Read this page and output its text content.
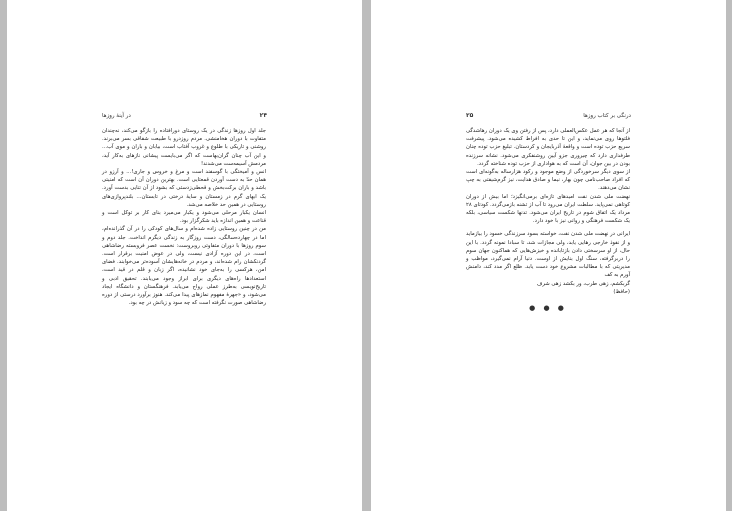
در آینهٔ روزها	۲۴

جلد اول روزها زندگی در یک روستای دورافتاده را بازگو می‌کند، نه‌چندان متفاوت با دوران هخامنشی. مردم روزدرو با طبیعت شفاقی بسر می‌برند. روشنی و تاریکی با طلوع و غروب آفتاب است، بیابان و باران و موی آب... و این آب چنان گران‌بهاست که اگر می‌بایست پیشانی نازهای به‌کار آید، مردمش آسیمه‌ست می‌شدند!

انس و آمیختگی با گوسفند است و مرغ و خروس و جاری!... و آرزو در همان حدّ به دست آوردن قمعتایی است. بهترین دوران آن است که امنیتی باشد و باران برکت‌بخش و قحطی‌زدستی که بشود از آن تنایی بدست آورد. یک ابهای گرم در زمستان و سایهٔ درختی در تابستان... بلندپروازی‌های روستایی در همین حد خلاصه می‌شد.

انسان یکبار مرحلی می‌شود و یکبار می‌میرد بنای کار بر توکل است و قناعت و همین اندازه باید شکرگزار بود.

من در چنین روستایی زاده شده‌ام و سال‌های کودکی را در آن گذرانده‌ام، اما در چهارده‌سالگی، دست روزگار به زندگی دیگرم انداخت. جلد دوم و سوم روزها با دوران متفاوتی روبروست: نخست عصر فروبسته رضاشاهی است، در این دوره آزادی نیست، ولی در عوض امنیت برقرار است. گردنکشان رام شده‌اند، و مردم در خانه‌هایشان آسوده‌تر می‌خوابند. فضای امن، هرکسی را به‌جای خود نشانیده، اگر زبان و قلم در قید است، استعدادها راه‌های دیگری برای ابراز وجود می‌یابند. تحقیق ادبی و تاریخ‌نویسی به‌طرز عملی رواج می‌یابد. فرهنگستان و دانشگاه ایجاد می‌شود، و «جهرهٔ مفهوم نمازهای پیدا می‌کند. هنوز برآورد درستی از دوره رضاشاهی صورت نگرفته است که چه سود و زیانش در چه بود.

۲۵	درنگی بر کتاب روزها

از آنجا که هر عمل عکس‌العملی دارد، پس از رفتن وی یک دوران رهاشدگی فلتوها روی می‌نماید، و این تا حدی به افراط کشیده می‌شود. پیشرفت سریع حزب توده است و واقعهٔ آذربایجان و کردستان. تبلیغ حزب توده چنان طرفداری دارد که چیروری جزو آیین روشنفکری می‌شود. نشانه سرزنده بودن در بین جوان، آن است که به هواداری از حزب توده شناخته گردد.

از سوی دیگر سرخوردگی از وضع موجود و رکود هزارساله به‌گونه‌ای است که افراد صاحب‌نامی چون بهار، نیما و صادق هدایت، نیز گرم‌شیفتی به چپ نشان می‌دهند.

نهضت ملی شدن نفت امیدهای تازه‌ای برمی‌انگیزد؛ اما بیش از دوران کوتاهی نمی‌پاید. سلطت ایران می‌رود تا آب از تشنه بازمی‌گردد. کودتای ۲۸ مرداد یک اتفاق شوم در تاریخ ایران می‌شود. تدنها شکست سیاسی، بلکه یک شکست فرهنگی و روانی نیز با خود دارد.

ایرانی در نهضت ملی شدن نفت، خواسته بسود سرزندگی خسود را بیازماید و از نفوذ خارجی رهایی یابد، ولی مجازات شد، تا سبادا نمونه گردد. با این حال، از او سرسختی دادن بازتابانده و خیزش‌هایی که هماکنون جهان سوم را دربرگرفته، سنگ اول بنایش از اوست. دنیا آرام نمی‌گیرد، مواظب و مدیریتی که با مطالبات مشروع خود دست یابد. ظلع اگر مدد کند، دامنش آورم به کف

گربکشم، زهی طرب، ور بکشد زهی شرف

(حافظ)

● ● ●
